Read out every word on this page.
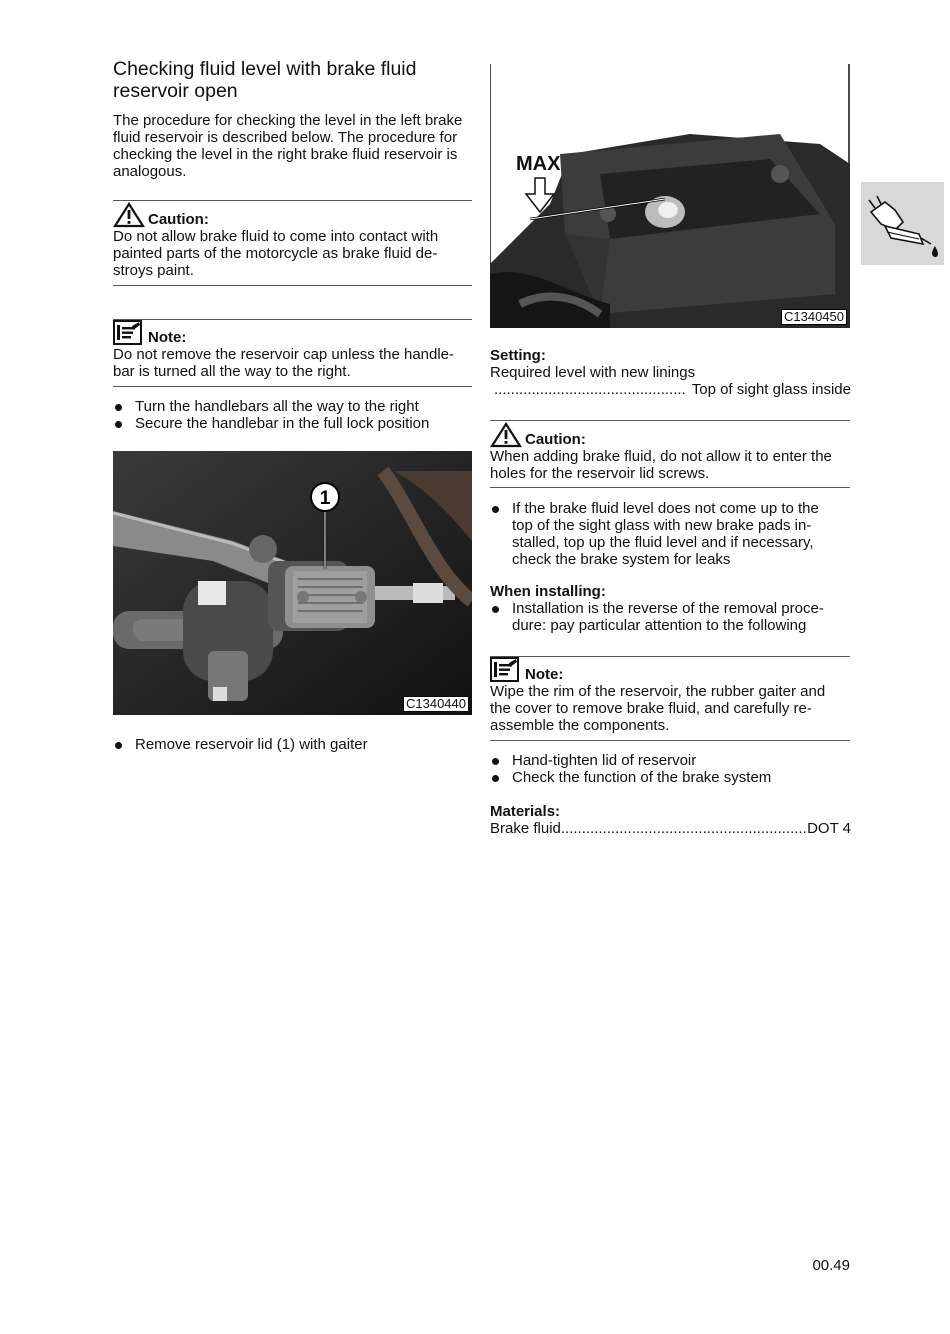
Checking fluid level with brake fluid
reservoir open
The procedure for checking the level in the left brake
fluid reservoir is described below. The procedure for
checking the level in the right brake fluid reservoir is
analogous.
Caution:
Do not allow brake fluid to come into contact with
painted parts of the motorcycle as brake fluid de-
stroys paint.
Note:
Do not remove the reservoir cap unless the handle-
bar is turned all the way to the right.
Turn the handlebars all the way to the right
Secure the handlebar in the full lock position
1
C1340440
Remove reservoir lid (1) with gaiter
MAX
C1340450
Setting:
Required level with new linings
.....
Top of sight glass inside
Caution:
When adding brake fluid, do not allow it to enter the
holes for the reservoir lid screws.
If the brake fluid level does not come up to the
top of the sight glass with new brake pads in-
stalled, top up the fluid level and if necessary,
check the brake system for leaks
When installing:
Installation is the reverse of the removal proce-
dure: pay particular attention to the following
Note:
Wipe the rim of the reservoir, the rubber gaiter and
the cover to remove brake fluid, and carefully re-
assemble the components.
Hand-tighten lid of reservoir
Check the function of the brake system
Materials:
Brake fluid
.....	DOT 4
00.49
